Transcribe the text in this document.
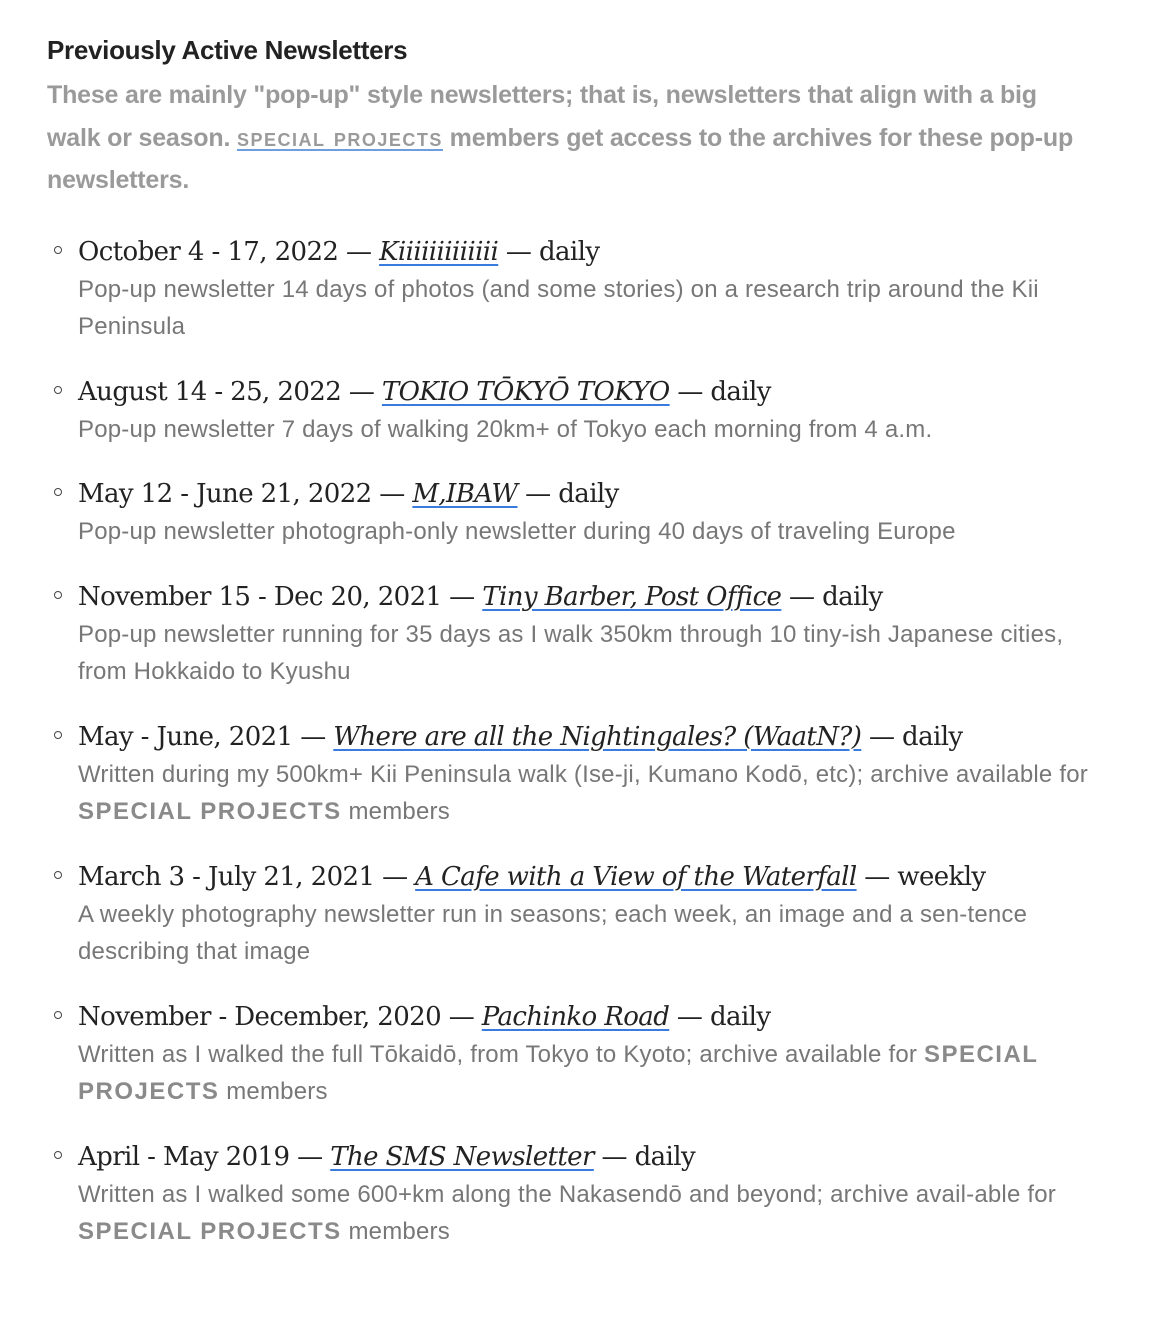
Previously Active Newsletters

These are mainly "pop-up" style newsletters; that is, newsletters that align with a big walk or season. special projects members get access to the archives for these pop-up newsletters.

October 4 - 17, 2022 — Kiiiiiiiiiiiii — daily
Pop-up newsletter 14 days of photos (and some stories) on a research trip around the Kii Peninsula
August 14 - 25, 2022 — TOKIO TŌKYŌ TOKYO — daily
Pop-up newsletter 7 days of walking 20km+ of Tokyo each morning from 4 a.m.
May 12 - June 21, 2022 — M,IBAW — daily
Pop-up newsletter photograph-only newsletter during 40 days of traveling Europe
November 15 - Dec 20, 2021 — Tiny Barber, Post Office — daily
Pop-up newsletter running for 35 days as I walk 350km through 10 tiny-ish Japanese cities, from Hokkaido to Kyushu
May - June, 2021 — Where are all the Nightingales? (WaatN?) — daily
Written during my 500km+ Kii Peninsula walk (Ise-ji, Kumano Kodō, etc); archive available for SPECIAL PROJECTS members
March 3 - July 21, 2021 — A Cafe with a View of the Waterfall — weekly
A weekly photography newsletter run in seasons; each week, an image and a sen-tence describing that image
November - December, 2020 — Pachinko Road — daily
Written as I walked the full Tōkaidō, from Tokyo to Kyoto; archive available for SPECIAL PROJECTS members
April - May 2019 — The SMS Newsletter — daily
Written as I walked some 600+km along the Nakasendō and beyond; archive avail-able for SPECIAL PROJECTS members
